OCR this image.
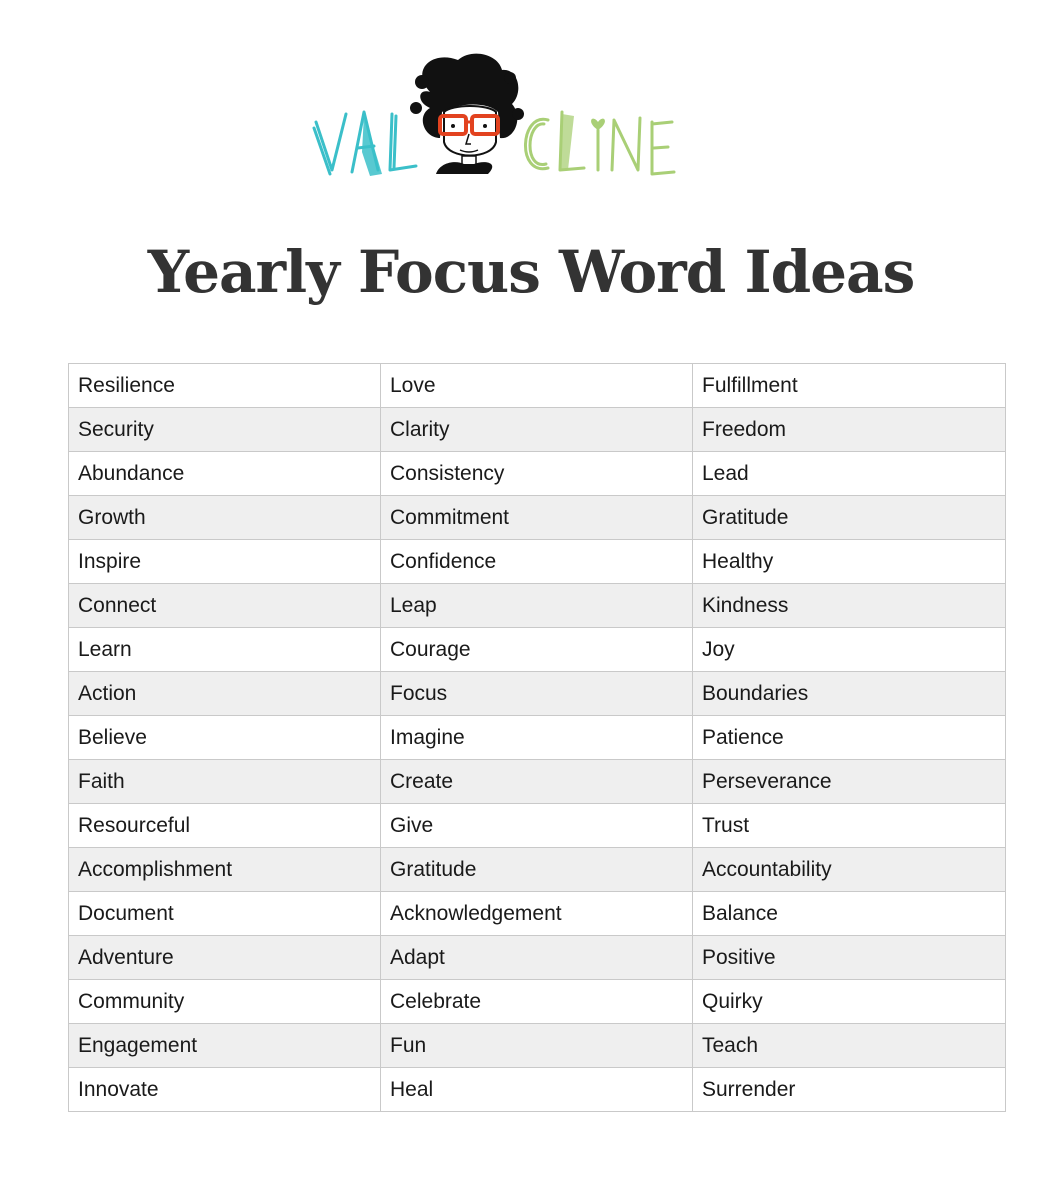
Yearly Focus Word Ideas
Resilience	Love	Fulfillment
Security	Clarity	Freedom
Abundance	Consistency	Lead
Growth	Commitment	Gratitude
Inspire	Confidence	Healthy
Connect	Leap	Kindness
Learn	Courage	Joy
Action	Focus	Boundaries
Believe	Imagine	Patience
Faith	Create	Perseverance
Resourceful	Give	Trust
Accomplishment	Gratitude	Accountability
Document	Acknowledgement	Balance
Adventure	Adapt	Positive
Community	Celebrate	Quirky
Engagement	Fun	Teach
Innovate	Heal	Surrender
